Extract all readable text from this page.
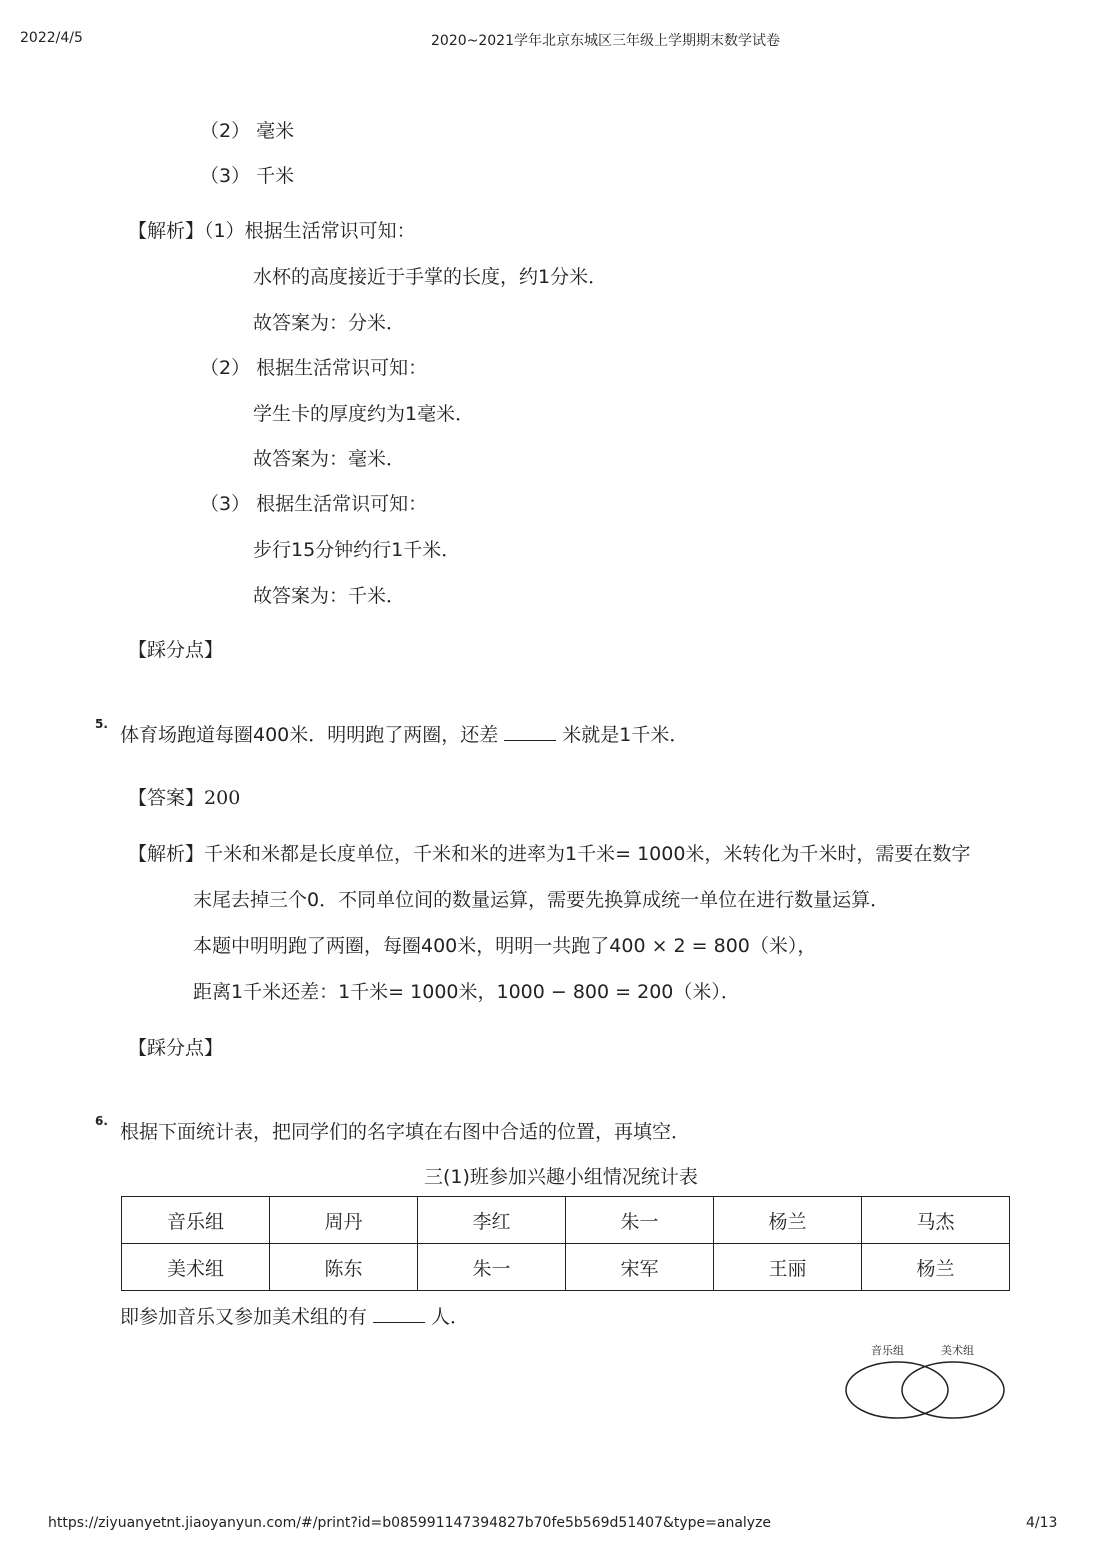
2022/4/5	2020~2021学年北京东城区三年级上学期期末数学试卷
（2） 毫米
（3） 千米
【解析】（1）根据生活常识可知：
水杯的高度接近于手掌的长度，约1分米．
故答案为：分米．
（2） 根据生活常识可知：
学生卡的厚度约为1毫米．
故答案为：毫米．
（3） 根据生活常识可知：
步行15分钟约行1千米．
故答案为：千米．
【踩分点】
5. 体育场跑道每圈400米．明明跑了两圈，还差	米就是1千米．
【答案】200
【解析】千米和米都是长度单位，千米和米的进率为1千米= 1000米，米转化为千米时，需要在数字
末尾去掉三个0．不同单位间的数量运算，需要先换算成统一单位在进行数量运算．
本题中明明跑了两圈，每圈400米，明明一共跑了400 × 2 = 800（米），
距离1千米还差：1千米= 1000米，1000 − 800 = 200（米）．
【踩分点】
6. 根据下面统计表，把同学们的名字填在右图中合适的位置，再填空．
三(1)班参加兴趣小组情况统计表
音乐组	周丹	李红	朱一	杨兰	马杰
美术组	陈东	朱一	宋军	王丽	杨兰
即参加音乐又参加美术组的有	人．
音乐组	美术组
https://ziyuanyetnt.jiaoyanyun.com/#/print?id=b085991147394827b70fe5b569d51407&type=analyze	4/13
